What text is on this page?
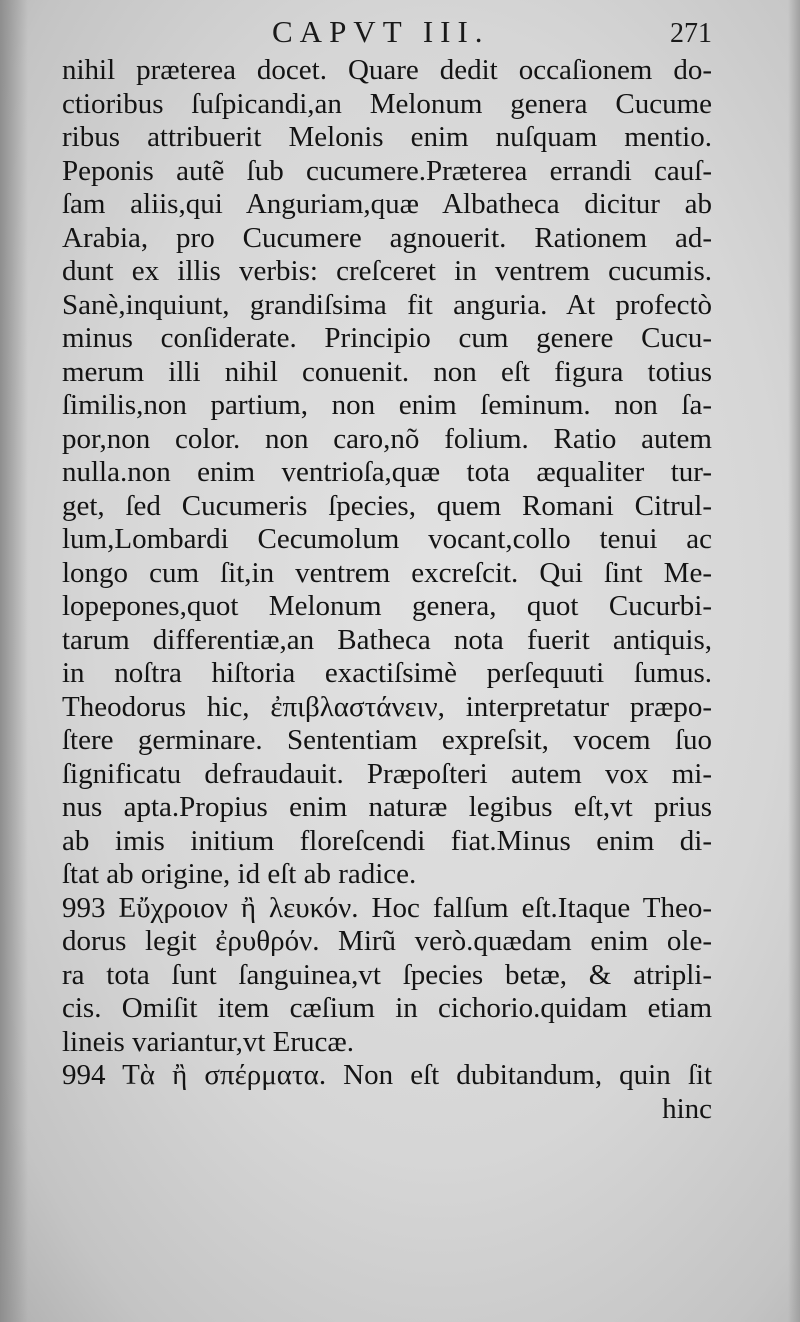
CAPVT III.	271
nihil præterea docet. Quare dedit occaſionem do-
ctioribus ſuſpicandi,an Melonum genera Cucume
ribus attribuerit Melonis enim nuſquam mentio.
Peponis autẽ ſub cucumere.Præterea errandi cauſ-
ſam aliis,qui Anguriam,quæ Albatheca dicitur ab
Arabia, pro Cucumere agnouerit. Rationem ad-
dunt ex illis verbis: creſceret in ventrem cucumis.
Sanè,inquiunt, grandiſsima fit anguria. At profectò
minus conſiderate. Principio cum genere Cucu-
merum illi nihil conuenit. non eſt figura totius
ſimilis,non partium, non enim ſeminum. non ſa-
por,non color. non caro,nõ folium. Ratio autem
nulla.non enim ventrioſa,quæ tota æqualiter tur-
get, ſed Cucumeris ſpecies, quem Romani Citrul-
lum,Lombardi Cecumolum vocant,collo tenui ac
longo cum ſit,in ventrem excreſcit. Qui ſint Me-
lopepones,quot Melonum genera, quot Cucurbi-
tarum differentiæ,an Batheca nota fuerit antiquis,
in noſtra hiſtoria exactiſsimè perſequuti ſumus.
Theodorus hic, ἐπιβλαστάνειν, interpretatur præpo-
ſtere germinare. Sententiam expreſsit, vocem ſuo
ſignificatu defraudauit. Præpoſteri autem vox mi-
nus apta.Propius enim naturæ legibus eſt,vt prius
ab imis initium floreſcendi fiat.Minus enim di-
ſtat ab origine, id eſt ab radice.
993 Εὔχροιον ἢ λευκόν. Hoc falſum eſt.Itaque Theo-
dorus legit ἐρυθρόν. Mirũ verò.quædam enim ole-
ra tota ſunt ſanguinea,vt ſpecies betæ, & atripli-
cis. Omiſit item cæſium in cichorio.quidam etiam
lineis variantur,vt Erucæ.
994 Τὰ ἢ σπέρματα. Non eſt dubitandum, quin ſit
hinc
